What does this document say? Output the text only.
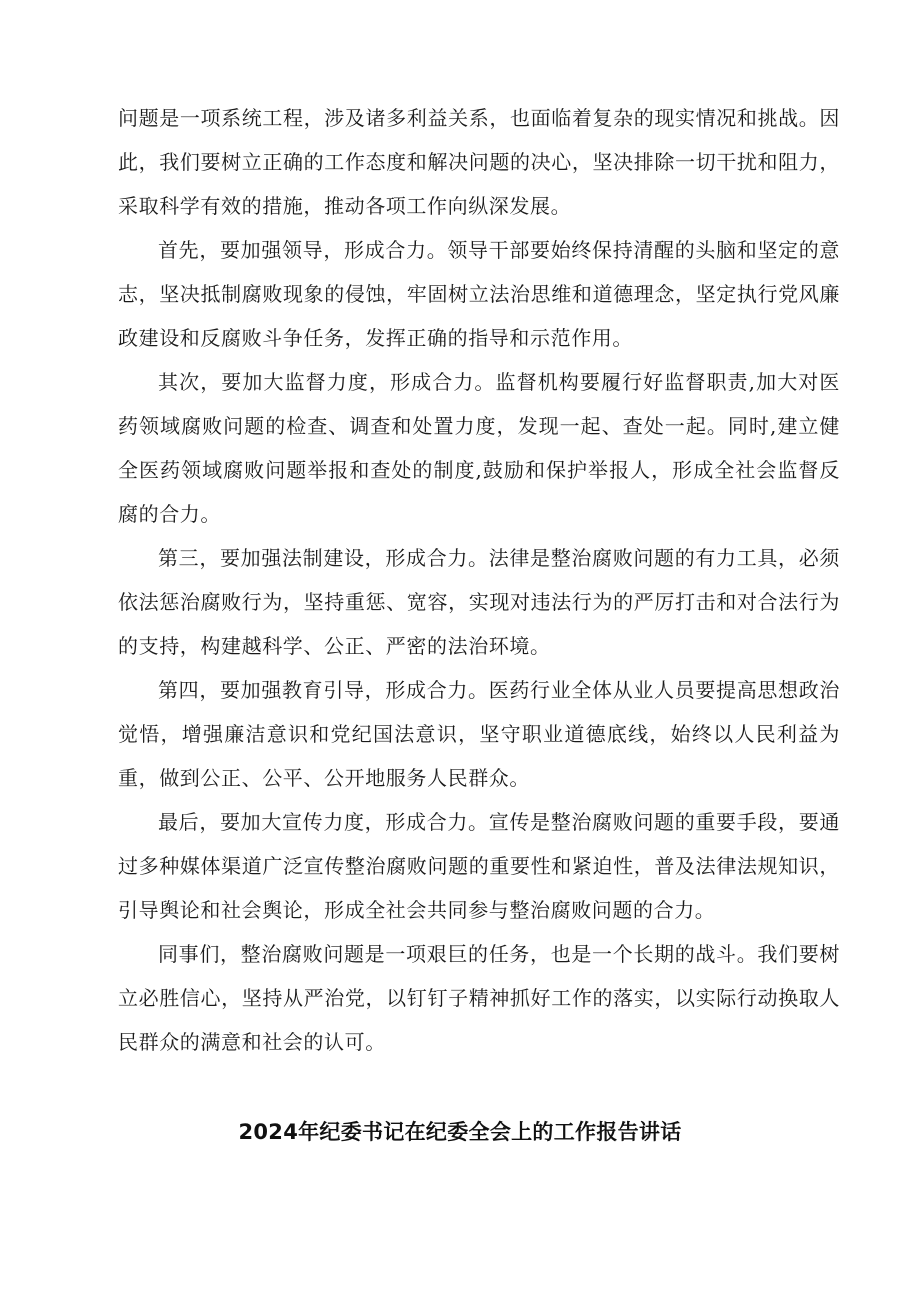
问题是一项系统工程，涉及诸多利益关系，也面临着复杂的现实情况和挑战。因此，我们要树立正确的工作态度和解决问题的决心，坚决排除一切干扰和阻力，采取科学有效的措施，推动各项工作向纵深发展。

首先，要加强领导，形成合力。领导干部要始终保持清醒的头脑和坚定的意志，坚决抵制腐败现象的侵蚀，牢固树立法治思维和道德理念，坚定执行党风廉政建设和反腐败斗争任务，发挥正确的指导和示范作用。

其次，要加大监督力度，形成合力。监督机构要履行好监督职责,加大对医药领域腐败问题的检查、调查和处置力度，发现一起、查处一起。同时,建立健全医药领域腐败问题举报和查处的制度,鼓励和保护举报人，形成全社会监督反腐的合力。

第三，要加强法制建设，形成合力。法律是整治腐败问题的有力工具，必须依法惩治腐败行为，坚持重惩、宽容，实现对违法行为的严厉打击和对合法行为的支持，构建越科学、公正、严密的法治环境。

第四，要加强教育引导，形成合力。医药行业全体从业人员要提高思想政治觉悟，增强廉洁意识和党纪国法意识，坚守职业道德底线，始终以人民利益为重，做到公正、公平、公开地服务人民群众。

最后，要加大宣传力度，形成合力。宣传是整治腐败问题的重要手段，要通过多种媒体渠道广泛宣传整治腐败问题的重要性和紧迫性，普及法律法规知识，引导舆论和社会舆论，形成全社会共同参与整治腐败问题的合力。

同事们，整治腐败问题是一项艰巨的任务，也是一个长期的战斗。我们要树立必胜信心，坚持从严治党，以钉钉子精神抓好工作的落实，以实际行动换取人民群众的满意和社会的认可。

2024年纪委书记在纪委全会上的工作报告讲话
